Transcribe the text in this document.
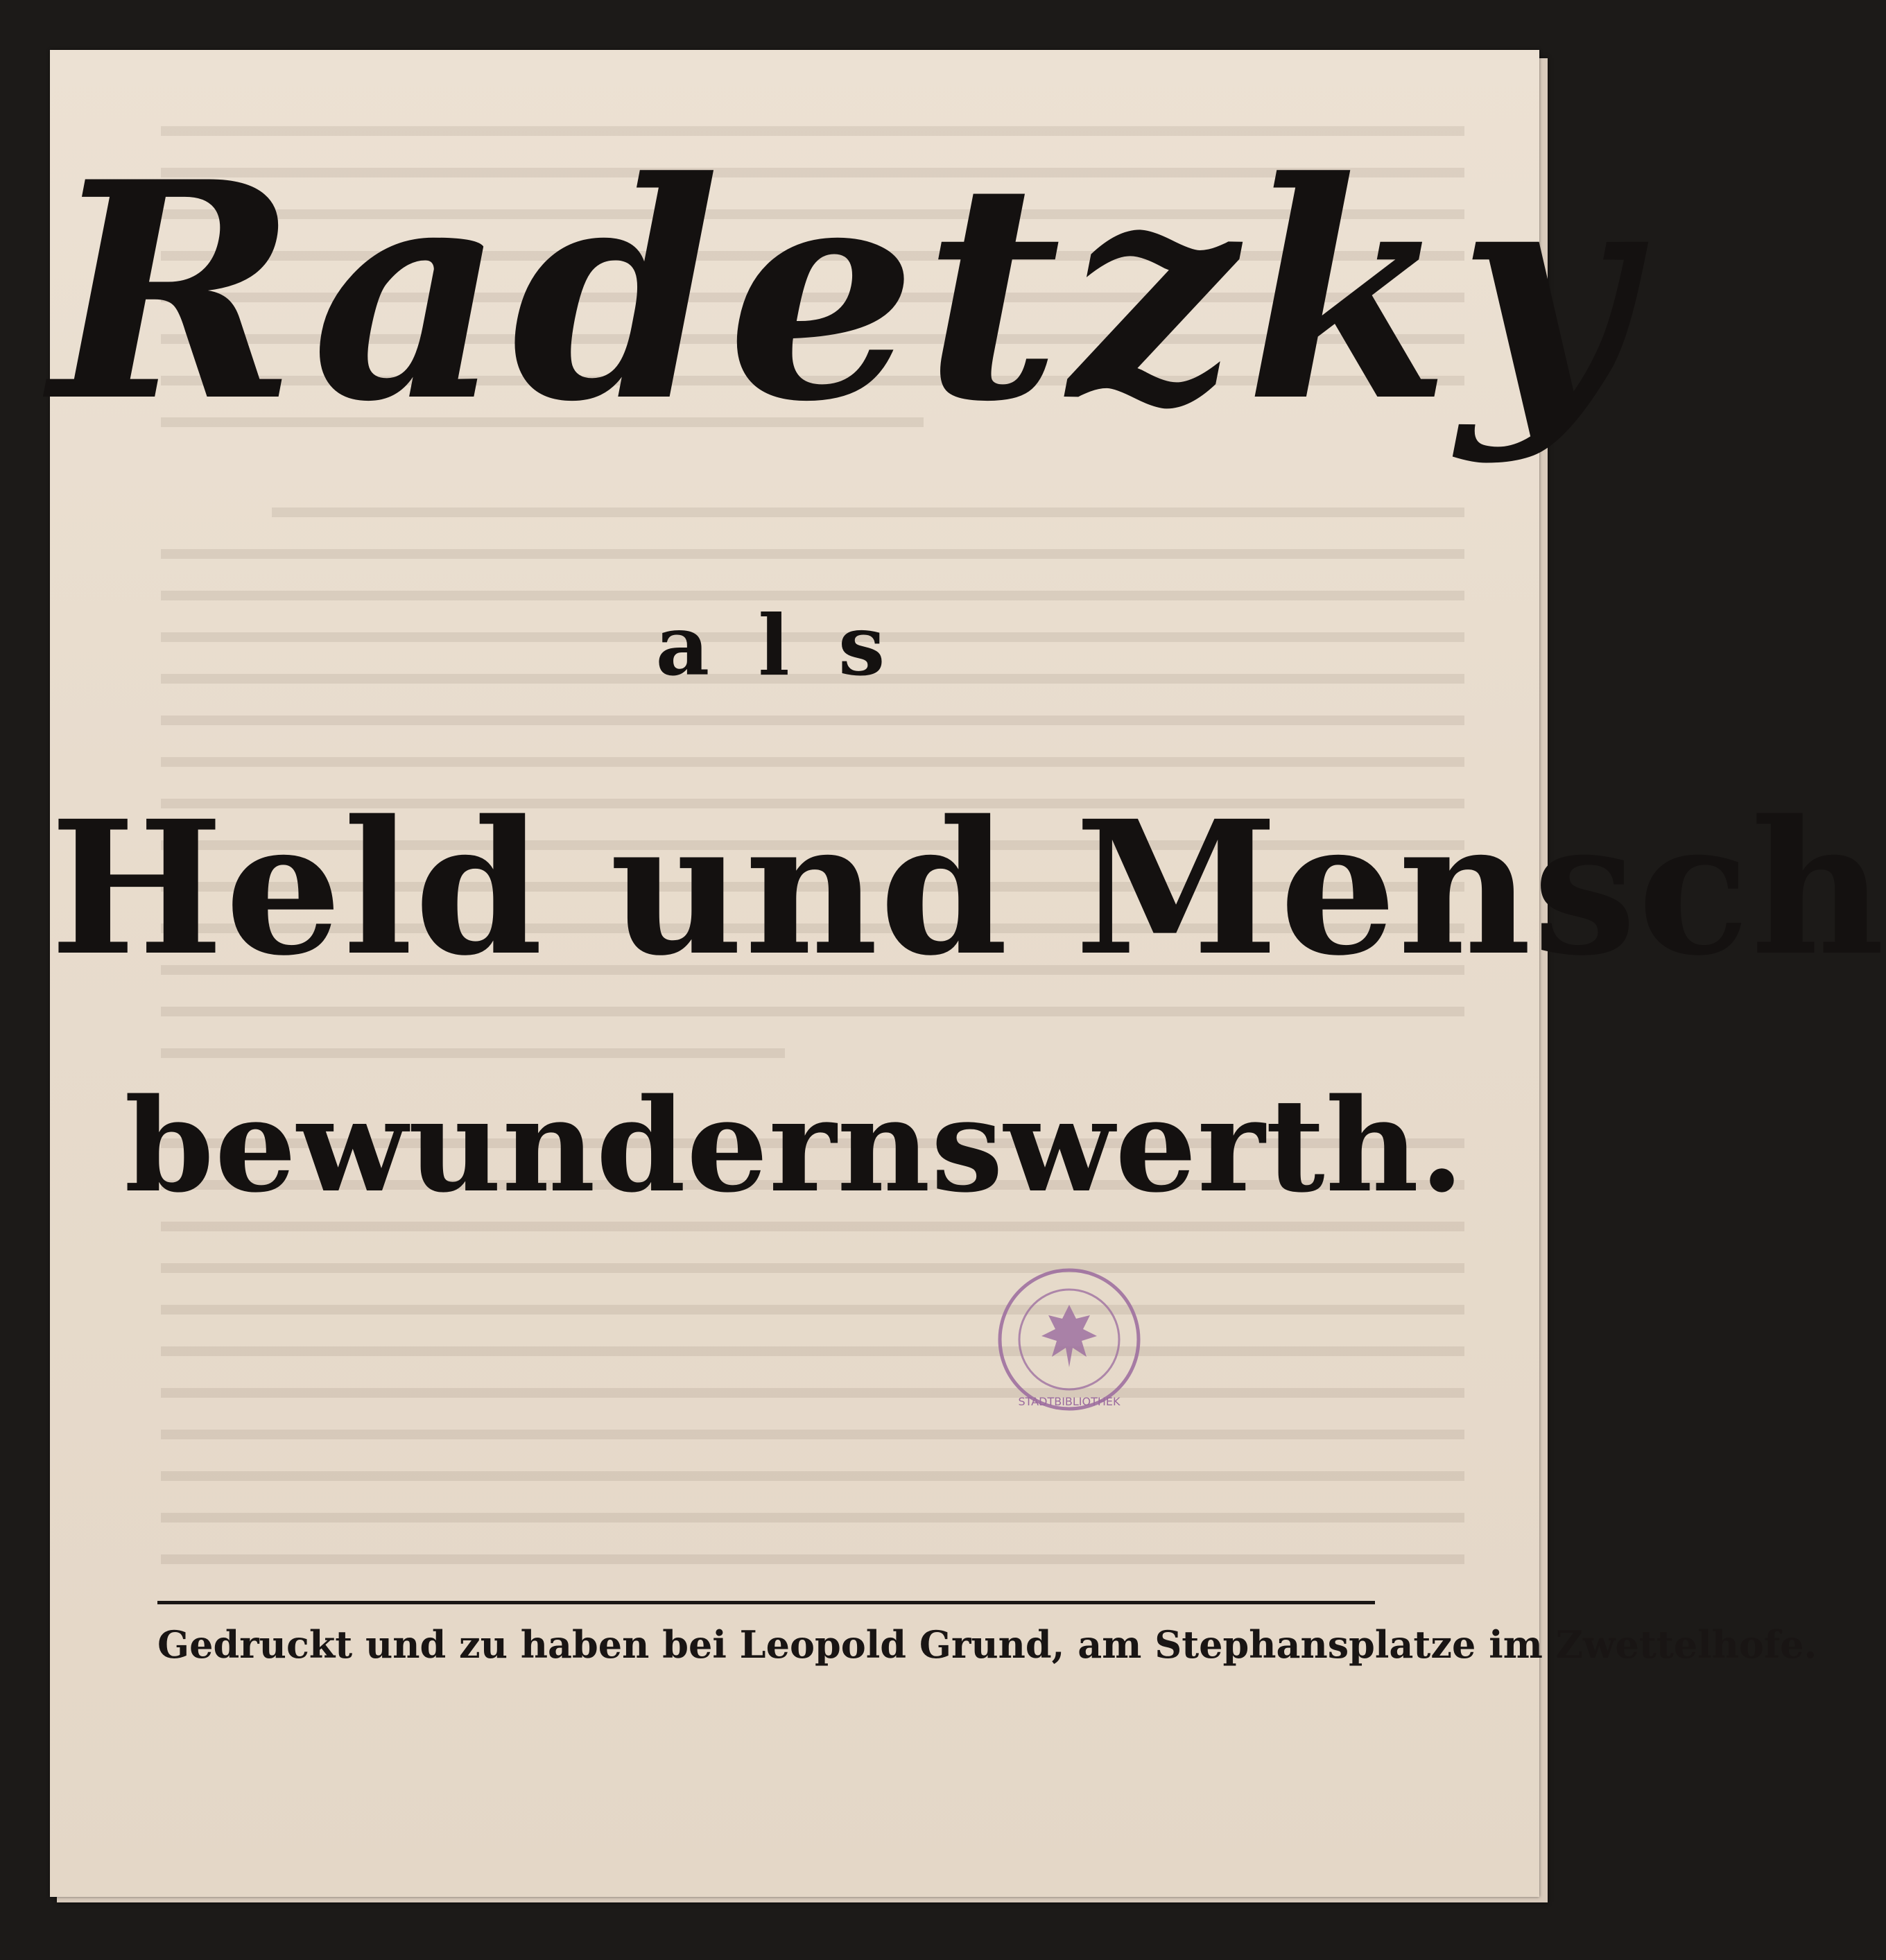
Radetzky
als
Held und Mensch
bewundernswerth.
STADTBIBLIOTHEK
Gedruckt und zu haben bei Leopold Grund, am Stephansplatze im Zwettelhofe.
